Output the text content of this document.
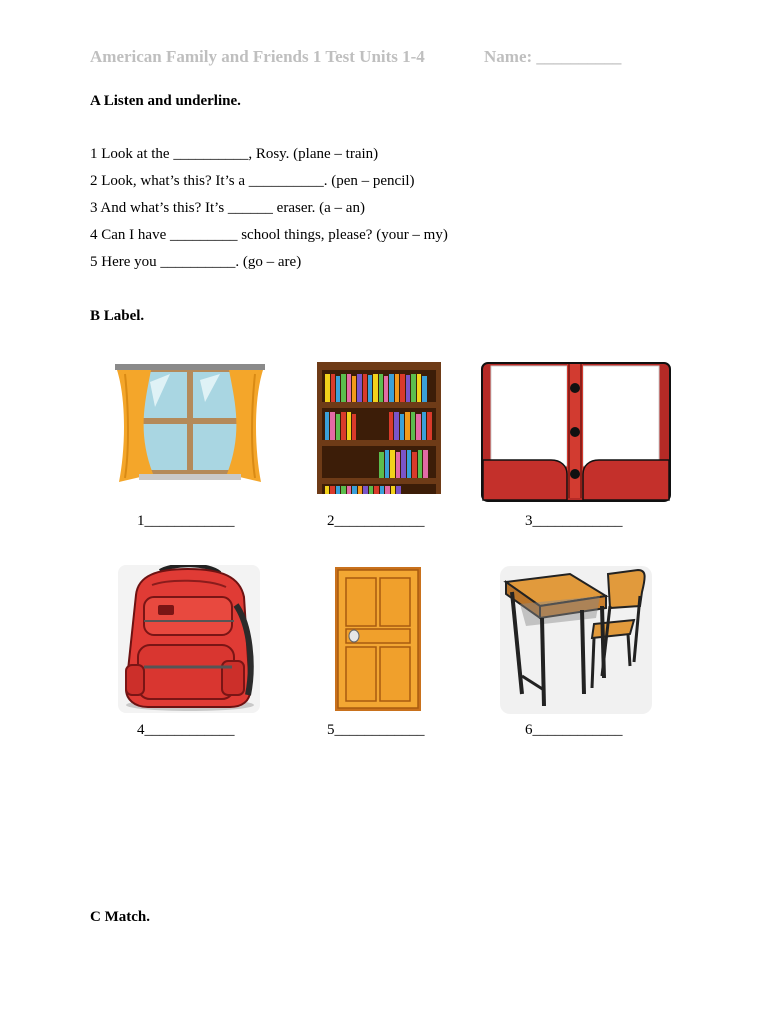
American Family and Friends 1 Test Units 1-4	Name: __________
A Listen and underline.
1 Look at the __________, Rosy. (plane – train)
2 Look, what’s this? It’s a __________. (pen – pencil)
3 And what’s this? It’s ______ eraser. (a – an)
4 Can I have _________ school things, please? (your – my)
5 Here you __________. (go – are)
B Label.
1____________	2____________	3____________
4____________	5____________	6____________
C Match.
